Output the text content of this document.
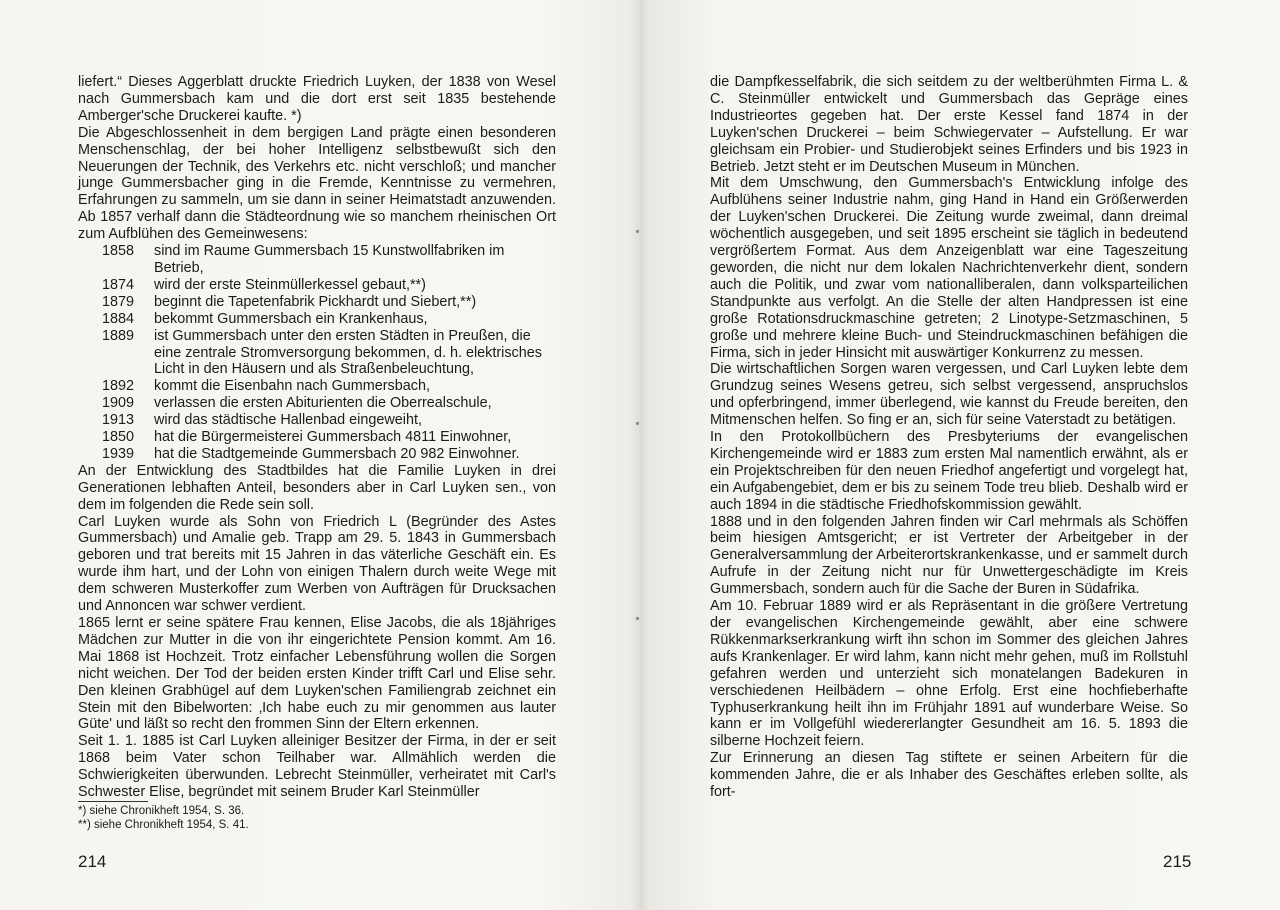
liefert.“ Dieses Aggerblatt druckte Friedrich Luyken, der 1838 von Wesel nach Gummersbach kam und die dort erst seit 1835 bestehende Amberger'sche Druckerei kaufte. *)

Die Abgeschlossenheit in dem bergigen Land prägte einen besonderen Menschenschlag, der bei hoher Intelligenz selbstbewußt sich den Neuerungen der Technik, des Verkehrs etc. nicht verschloß; und mancher junge Gummersbacher ging in die Fremde, Kenntnisse zu vermehren, Erfahrungen zu sammeln, um sie dann in seiner Heimatstadt anzuwenden. Ab 1857 verhalf dann die Städteordnung wie so manchem rheinischen Ort zum Aufblühen des Gemeinwesens:

1858	sind im Raume Gummersbach 15 Kunstwollfabriken im Betrieb,
1874	wird der erste Steinmüllerkessel gebaut,**)
1879	beginnt die Tapetenfabrik Pickhardt und Siebert,**)
1884	bekommt Gummersbach ein Krankenhaus,
1889	ist Gummersbach unter den ersten Städten in Preußen, die eine zentrale Stromversorgung bekommen, d. h. elektrisches Licht in den Häusern und als Straßenbeleuchtung,
1892	kommt die Eisenbahn nach Gummersbach,
1909	verlassen die ersten Abiturienten die Oberrealschule,
1913	wird das städtische Hallenbad eingeweiht,
1850	hat die Bürgermeisterei Gummersbach 4811 Einwohner,
1939	hat die Stadtgemeinde Gummersbach 20 982 Einwohner.

An der Entwicklung des Stadtbildes hat die Familie Luyken in drei Generationen lebhaften Anteil, besonders aber in Carl Luyken sen., von dem im folgenden die Rede sein soll.

Carl Luyken wurde als Sohn von Friedrich L (Begründer des Astes Gummersbach) und Amalie geb. Trapp am 29. 5. 1843 in Gummersbach geboren und trat bereits mit 15 Jahren in das väterliche Geschäft ein. Es wurde ihm hart, und der Lohn von einigen Thalern durch weite Wege mit dem schweren Musterkoffer zum Werben von Aufträgen für Drucksachen und Annoncen war schwer verdient.

1865 lernt er seine spätere Frau kennen, Elise Jacobs, die als 18jähriges Mädchen zur Mutter in die von ihr eingerichtete Pension kommt. Am 16. Mai 1868 ist Hochzeit. Trotz einfacher Lebensführung wollen die Sorgen nicht weichen. Der Tod der beiden ersten Kinder trifft Carl und Elise sehr. Den kleinen Grabhügel auf dem Luyken'schen Familiengrab zeichnet ein Stein mit den Bibelworten: ‚Ich habe euch zu mir genommen aus lauter Güte' und läßt so recht den frommen Sinn der Eltern erkennen.

Seit 1. 1. 1885 ist Carl Luyken alleiniger Besitzer der Firma, in der er seit 1868 beim Vater schon Teilhaber war. Allmählich werden die Schwierigkeiten überwunden. Lebrecht Steinmüller, verheiratet mit Carl's Schwester Elise, begründet mit seinem Bruder Karl Steinmüller

*) siehe Chronikheft 1954, S. 36.
**) siehe Chronikheft 1954, S. 41.
214

die Dampfkesselfabrik, die sich seitdem zu der weltberühmten Firma L. & C. Steinmüller entwickelt und Gummersbach das Gepräge eines Industrieortes gegeben hat. Der erste Kessel fand 1874 in der Luyken'schen Druckerei – beim Schwiegervater – Aufstellung. Er war gleichsam ein Probier- und Studierobjekt seines Erfinders und bis 1923 in Betrieb. Jetzt steht er im Deutschen Museum in München.

Mit dem Umschwung, den Gummersbach's Entwicklung infolge des Aufblühens seiner Industrie nahm, ging Hand in Hand ein Größerwerden der Luyken'schen Druckerei. Die Zeitung wurde zweimal, dann dreimal wöchentlich ausgegeben, und seit 1895 erscheint sie täglich in bedeutend vergrößertem Format. Aus dem Anzeigenblatt war eine Tageszeitung geworden, die nicht nur dem lokalen Nachrichtenverkehr dient, sondern auch die Politik, und zwar vom nationalliberalen, dann volksparteilichen Standpunkte aus verfolgt. An die Stelle der alten Handpressen ist eine große Rotationsdruckmaschine getreten; 2 Linotype-Setzmaschinen, 5 große und mehrere kleine Buch- und Steindruckmaschinen befähigen die Firma, sich in jeder Hinsicht mit auswärtiger Konkurrenz zu messen.

Die wirtschaftlichen Sorgen waren vergessen, und Carl Luyken lebte dem Grundzug seines Wesens getreu, sich selbst vergessend, anspruchslos und opferbringend, immer überlegend, wie kannst du Freude bereiten, den Mitmenschen helfen. So fing er an, sich für seine Vaterstadt zu betätigen.

In den Protokollbüchern des Presbyteriums der evangelischen Kirchengemeinde wird er 1883 zum ersten Mal namentlich erwähnt, als er ein Projektschreiben für den neuen Friedhof angefertigt und vorgelegt hat, ein Aufgabengebiet, dem er bis zu seinem Tode treu blieb. Deshalb wird er auch 1894 in die städtische Friedhofskommission gewählt.

1888 und in den folgenden Jahren finden wir Carl mehrmals als Schöffen beim hiesigen Amtsgericht; er ist Vertreter der Arbeitgeber in der Generalversammlung der Arbeiterortskrankenkasse, und er sammelt durch Aufrufe in der Zeitung nicht nur für Unwettergeschädigte im Kreis Gummersbach, sondern auch für die Sache der Buren in Südafrika.

Am 10. Februar 1889 wird er als Repräsentant in die größere Vertretung der evangelischen Kirchengemeinde gewählt, aber eine schwere Rükkenmarkserkrankung wirft ihn schon im Sommer des gleichen Jahres aufs Krankenlager. Er wird lahm, kann nicht mehr gehen, muß im Rollstuhl gefahren werden und unterzieht sich monatelangen Badekuren in verschiedenen Heilbädern – ohne Erfolg. Erst eine hochfieberhafte Typhuserkrankung heilt ihn im Frühjahr 1891 auf wunderbare Weise. So kann er im Vollgefühl wiedererlangter Gesundheit am 16. 5. 1893 die silberne Hochzeit feiern.

Zur Erinnerung an diesen Tag stiftete er seinen Arbeitern für die kommenden Jahre, die er als Inhaber des Geschäftes erleben sollte, als fort-

215
